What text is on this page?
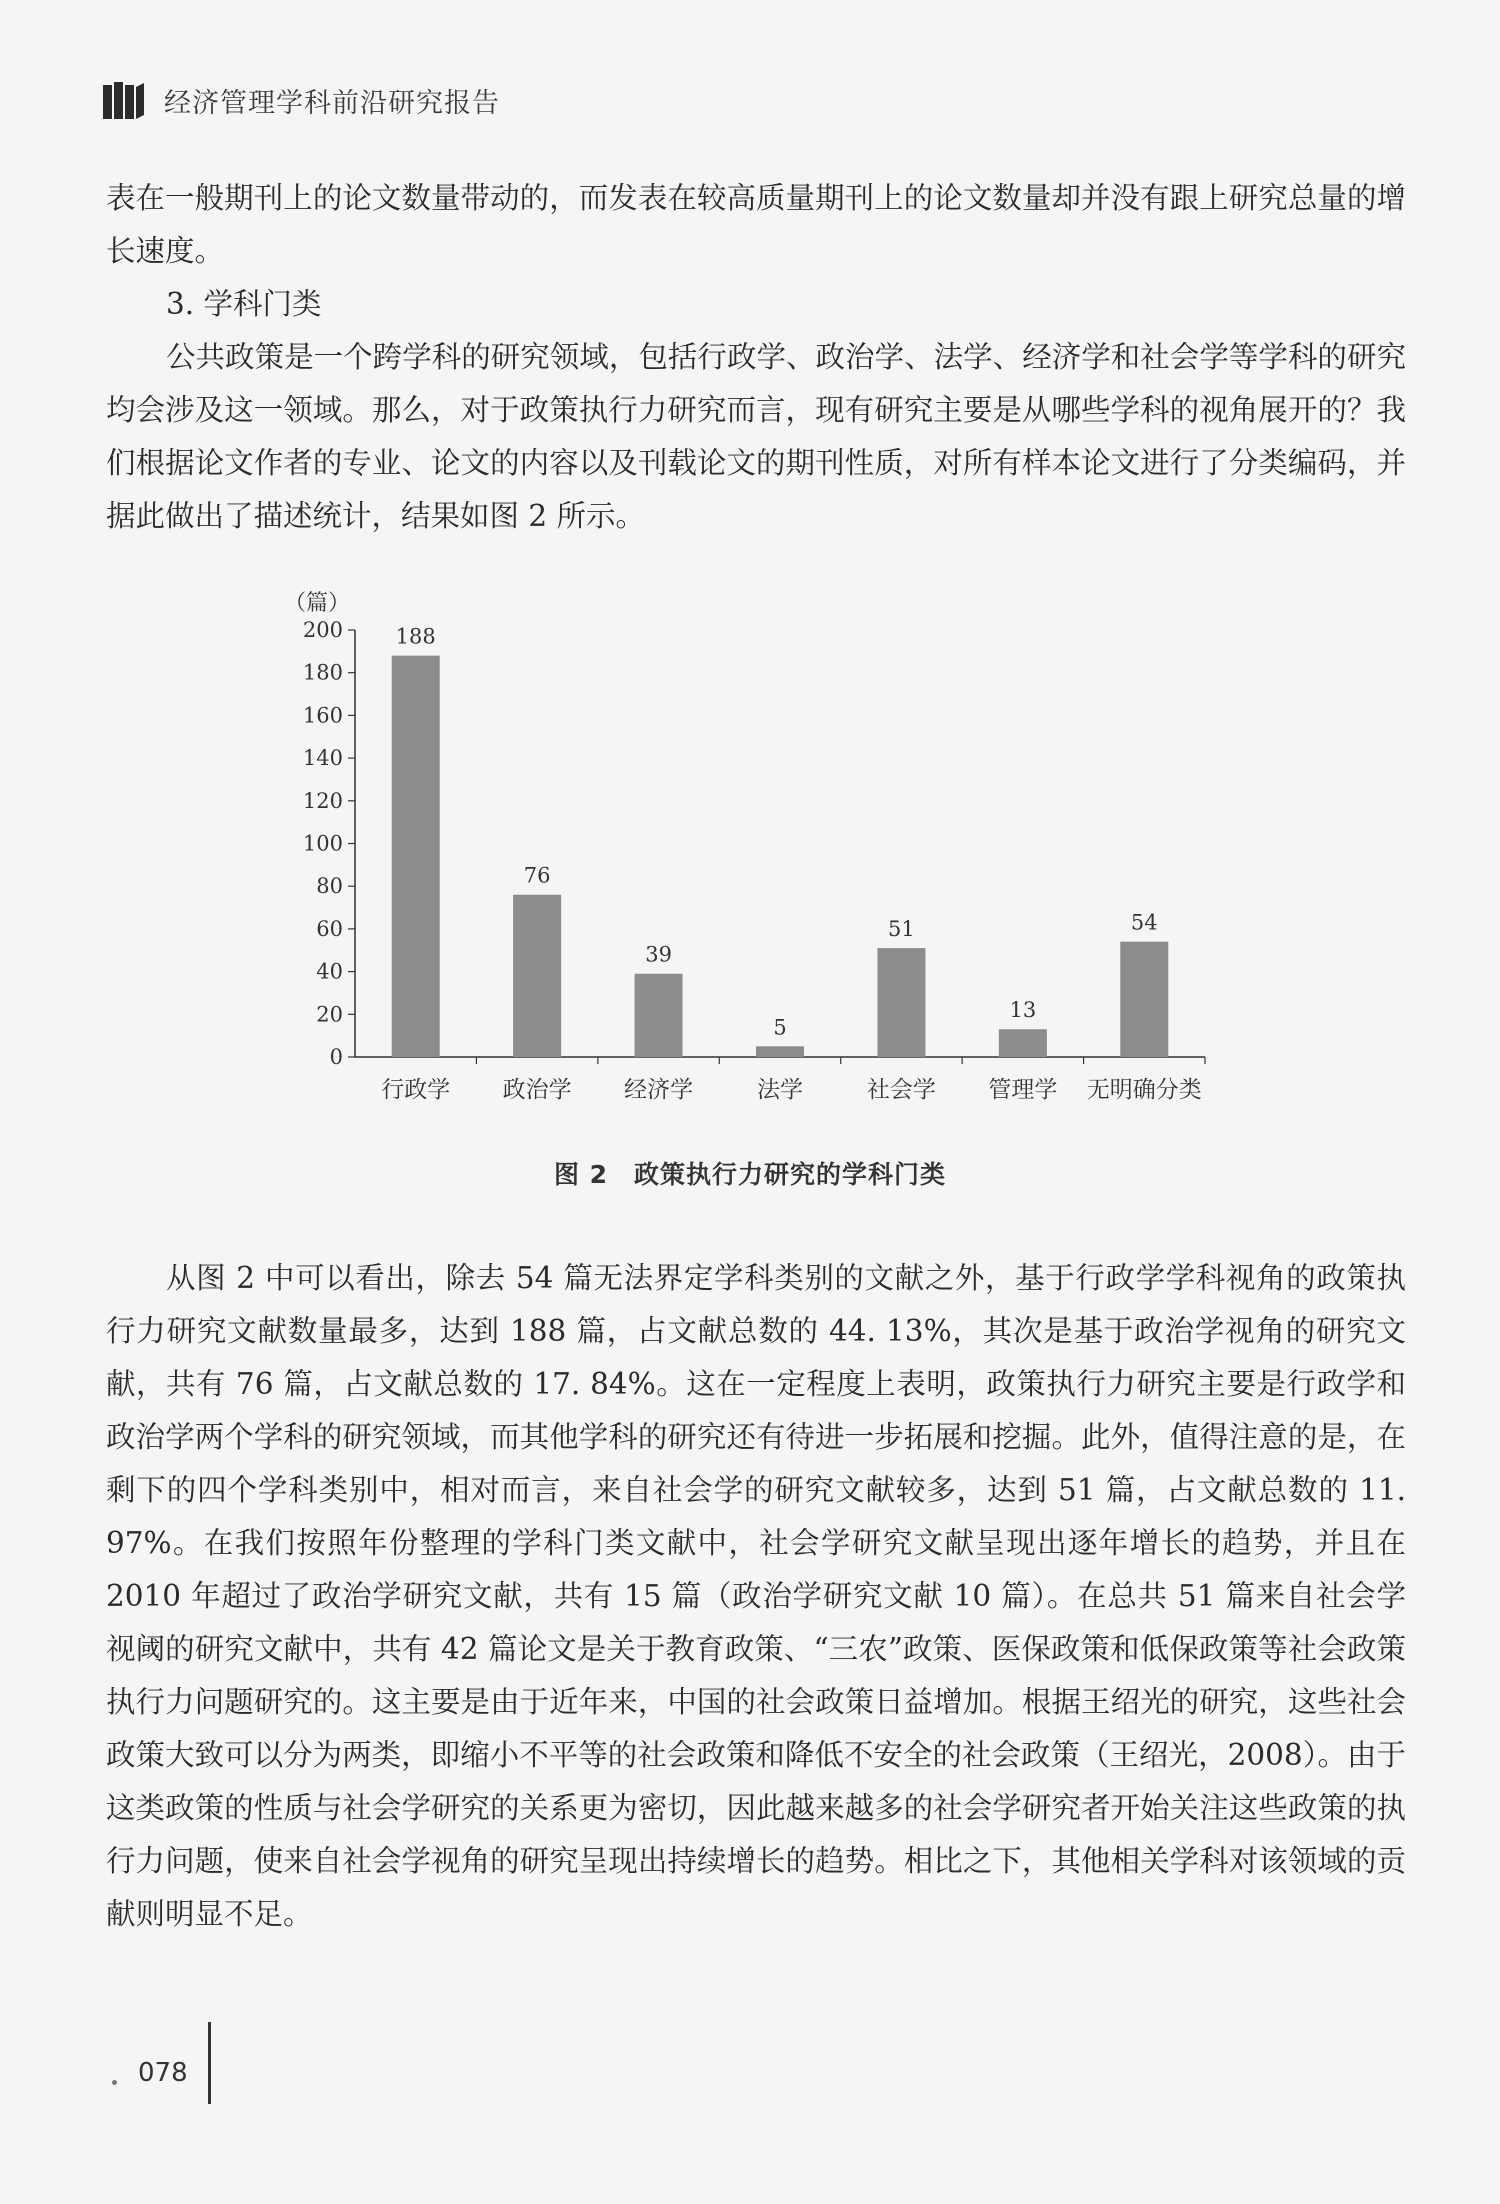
经济管理学科前沿研究报告

表在一般期刊上的论文数量带动的，而发表在较高质量期刊上的论文数量却并没有跟上研究总量的增长速度。

3. 学科门类

公共政策是一个跨学科的研究领域，包括行政学、政治学、法学、经济学和社会学等学科的研究均会涉及这一领域。那么，对于政策执行力研究而言，现有研究主要是从哪些学科的视角展开的？我们根据论文作者的专业、论文的内容以及刊载论文的期刊性质，对所有样本论文进行了分类编码，并据此做出了描述统计，结果如图 2 所示。

（篇）
0
20
40
60
80
100
120
140
160
180
200	188
行政学
76
政治学
39
经济学
5
法学
51
社会学
13
管理学
54
无明确分类
图 2　政策执行力研究的学科门类

从图 2 中可以看出，除去 54 篇无法界定学科类别的文献之外，基于行政学学科视角的政策执行力研究文献数量最多，达到 188 篇，占文献总数的 44. 13%，其次是基于政治学视角的研究文献，共有 76 篇，占文献总数的 17. 84%。这在一定程度上表明，政策执行力研究主要是行政学和政治学两个学科的研究领域，而其他学科的研究还有待进一步拓展和挖掘。此外，值得注意的是，在剩下的四个学科类别中，相对而言，来自社会学的研究文献较多，达到 51 篇，占文献总数的 11. 97%。在我们按照年份整理的学科门类文献中，社会学研究文献呈现出逐年增长的趋势，并且在 2010 年超过了政治学研究文献，共有 15 篇（政治学研究文献 10 篇）。在总共 51 篇来自社会学视阈的研究文献中，共有 42 篇论文是关于教育政策、“三农”政策、医保政策和低保政策等社会政策执行力问题研究的。这主要是由于近年来，中国的社会政策日益增加。根据王绍光的研究，这些社会政策大致可以分为两类，即缩小不平等的社会政策和降低不安全的社会政策（王绍光，2008）。由于这类政策的性质与社会学研究的关系更为密切，因此越来越多的社会学研究者开始关注这些政策的执行力问题，使来自社会学视角的研究呈现出持续增长的趋势。相比之下，其他相关学科对该领域的贡献则明显不足。

078
